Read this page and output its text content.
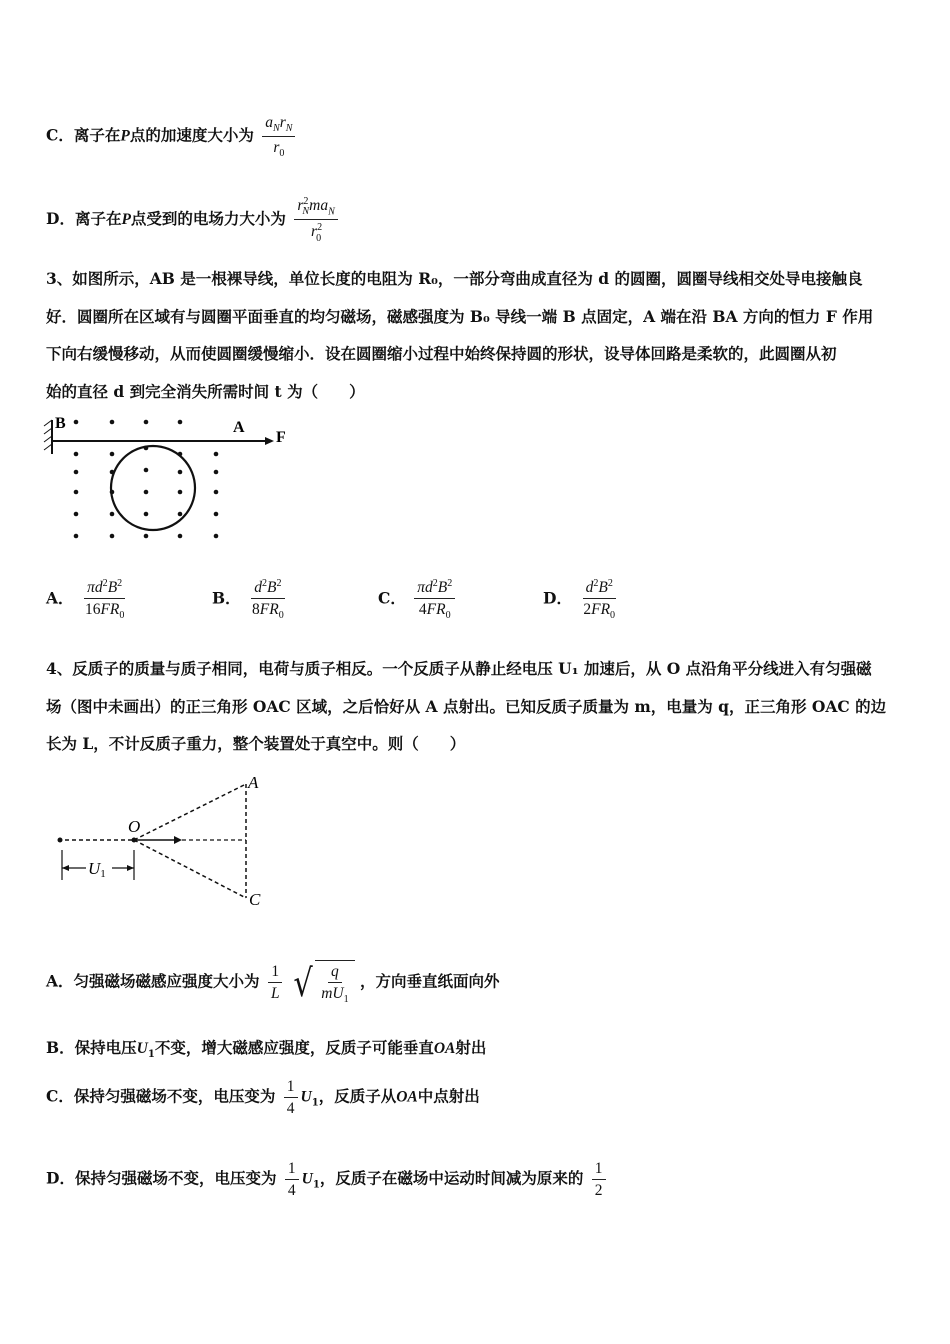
C．离子在P点的加速度大小为 $\frac{a_Nr_N}{r_0}$
D．离子在P点受到的电场力大小为 $\frac{r^2_Nma_N}{r^2_0}$
3、如图所示，AB 是一根裸导线，单位长度的电阻为 R₀，一部分弯曲成直径为 d 的圆圈，圆圈导线相交处导电接触良
好．圆圈所在区域有与圆圈平面垂直的均匀磁场，磁感强度为 B₀ 导线一端 B 点固定，A 端在沿 BA 方向的恒力 F 作用
下向右缓慢移动，从而使圆圈缓慢缩小．设在圆圈缩小过程中始终保持圆的形状，设导体回路是柔软的，此圆圈从初
始的直径 d 到完全消失所需时间 t 为（　　）
B	A
F
A． $\frac{\pi d^2B^2}{16FR_0}$	B． $\frac{d^2B^2}{8FR_0}$	C． $\frac{\pi d^2B^2}{4FR_0}$	D． $\frac{d^2B^2}{2FR_0}$
4、反质子的质量与质子相同，电荷与质子相反。一个反质子从静止经电压 U₁ 加速后，从 O 点沿角平分线进入有匀强磁
场（图中未画出）的正三角形 OAC 区域，之后恰好从 A 点射出。已知反质子质量为 m，电量为 q，正三角形 OAC 的边
长为 L，不计反质子重力，整个装置处于真空中。则（　　）
A
O
C
U1
A．匀强磁场磁感应强度大小为 $\frac{1}{L}$
√ $\frac{q}{mU_1}$ ，方向垂直纸面向外
B．保持电压$U_1$不变，增大磁感应强度，反质子可能垂直OA射出
C．保持匀强磁场不变，电压变为 $\frac{1}{4} U_1$，反质子从OA中点射出
D．保持匀强磁场不变，电压变为 $\frac{1}{4} U_1$，反质子在磁场中运动时间减为原来的 $\frac{1}{2}$
